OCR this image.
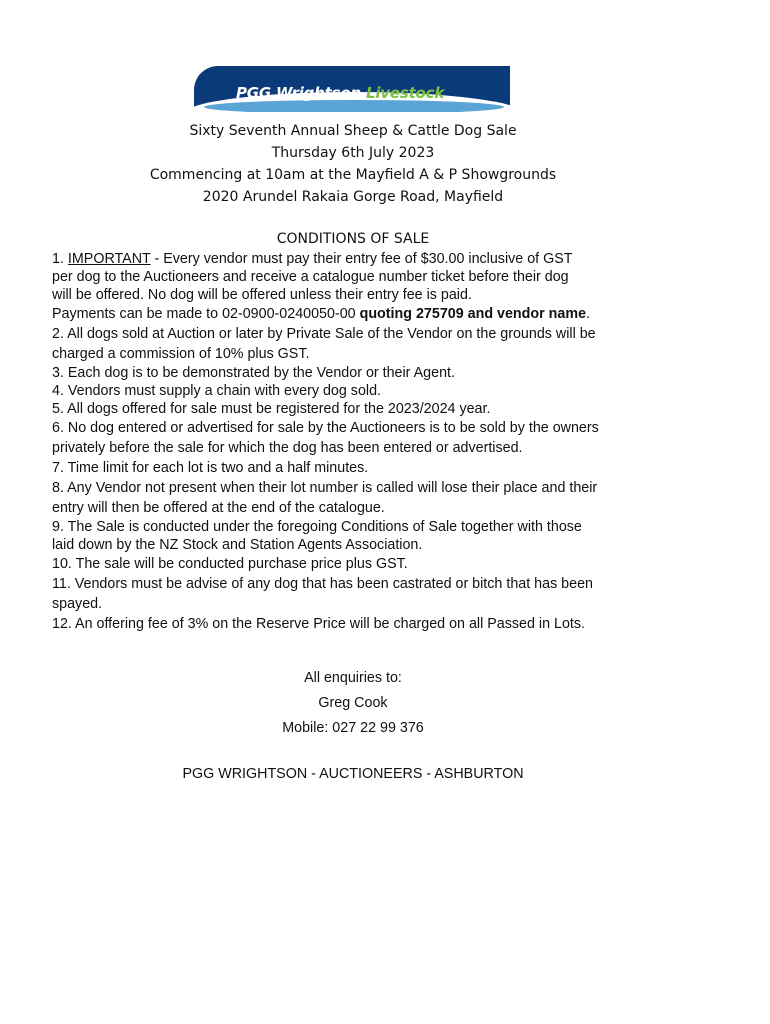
PGG Wrightson Livestock
Sixty Seventh Annual Sheep & Cattle Dog Sale
Thursday 6th July 2023
Commencing at 10am at the Mayfield A & P Showgrounds
2020 Arundel Rakaia Gorge Road, Mayfield
CONDITIONS OF SALE

1. IMPORTANT - Every vendor must pay their entry fee of $30.00 inclusive of GST

per dog to the Auctioneers and receive a catalogue number ticket before their dog

will be offered. No dog will be offered unless their entry fee is paid.

Payments can be made to 02-0900-0240050-00 quoting 275709 and vendor name.

2. All dogs sold at Auction or later by Private Sale of the Vendor on the grounds will be

charged a commission of 10% plus GST.

3. Each dog is to be demonstrated by the Vendor or their Agent.

4. Vendors must supply a chain with every dog sold.

5. All dogs offered for sale must be registered for the 2023/2024 year.

6. No dog entered or advertised for sale by the Auctioneers is to be sold by the owners

privately before the sale for which the dog has been entered or advertised.

7. Time limit for each lot is two and a half minutes.

8. Any Vendor not present when their lot number is called will lose their place and their

entry will then be offered at the end of the catalogue.

9. The Sale is conducted under the foregoing Conditions of Sale together with those

laid down by the NZ Stock and Station Agents Association.

10. The sale will be conducted purchase price plus GST.

11. Vendors must be advise of any dog that has been castrated or bitch that has been

spayed.

12. An offering fee of 3% on the Reserve Price will be charged on all Passed in Lots.

All enquiries to:
Greg Cook
Mobile: 027 22 99 376
PGG WRIGHTSON - AUCTIONEERS - ASHBURTON
